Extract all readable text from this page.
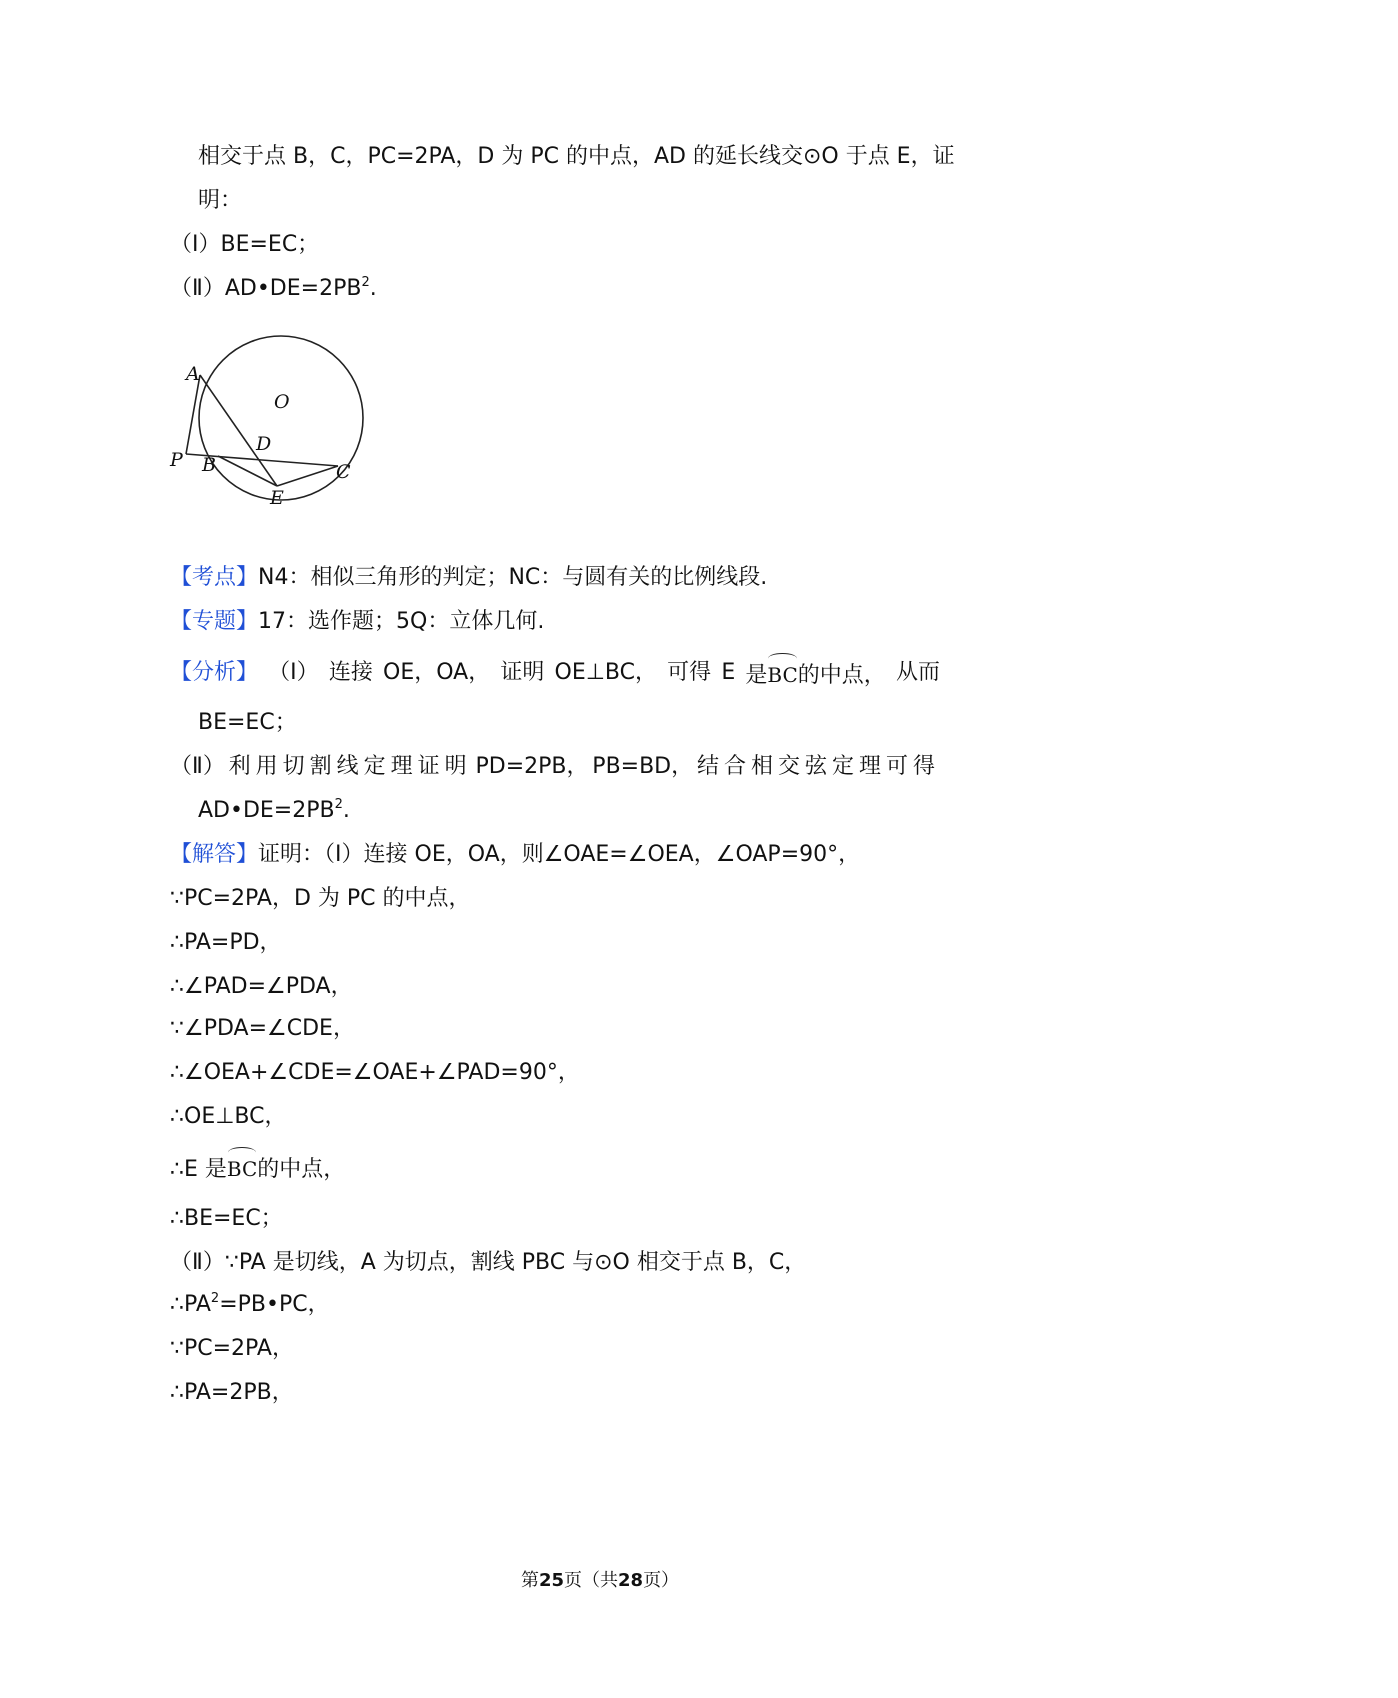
相交于点 B，C，PC=2PA，D 为 PC 的中点，AD 的延长线交⊙O 于点 E，证
明：
（Ⅰ）BE=EC；
$(Ⅱ)AD•DE=2PB^2$.
A
O
D
P B	C
E
【考点】N4：相似三角形的判定；NC：与圆有关的比例线段.
【专题】17：选作题；5Q：立体几何.
【分析】 （Ⅰ） 连接 OE，OA， 证明 OE⊥BC， 可得 E 是BC的中点， 从而
BE=EC；
（Ⅱ） 利用切割线定理证明 PD=2PB， PB=BD， 结合相交弦定理可得
$AD•DE=2PB^2$.
【解答】证明：（Ⅰ）连接 OE，OA，则∠OAE=∠OEA，∠OAP=90°，
∵PC=2PA，D 为 PC 的中点，
∴PA=PD，
∴∠PAD=∠PDA，
∵∠PDA=∠CDE，
∴∠OEA+∠CDE=∠OAE+∠PAD=90°，
∴OE⊥BC，
∴E 是BC的中点，
∴BE=EC；
（Ⅱ）∵PA 是切线，A 为切点，割线 PBC 与⊙O 相交于点 B，C，
$\therefore PA^2=PB•PC$，
∵PC=2PA，
∴PA=2PB，
第25页（共28页）
